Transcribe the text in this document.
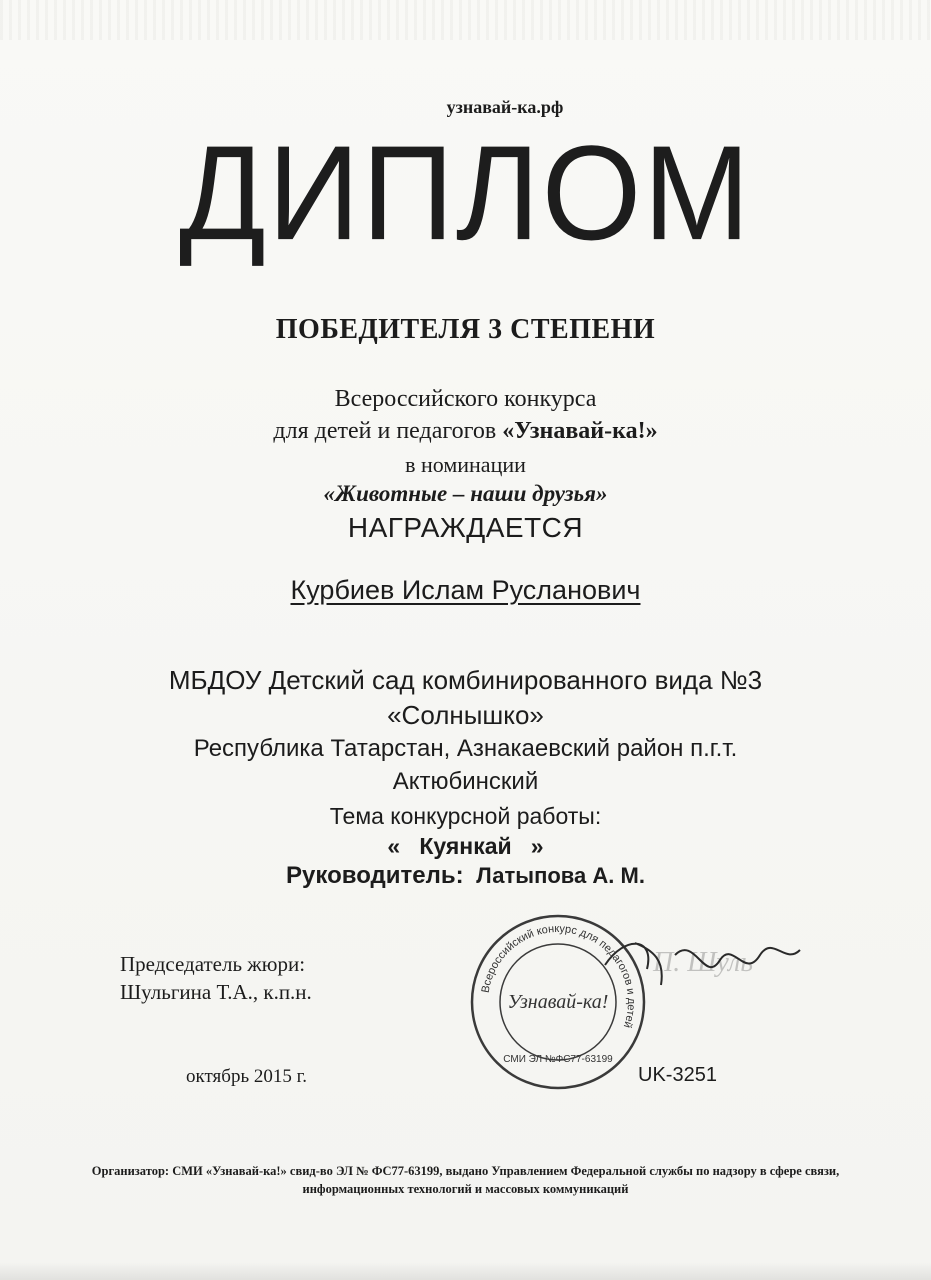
узнавай-ка.рф
ДИПЛОМ
ПОБЕДИТЕЛЯ 3 СТЕПЕНИ
Всероссийского конкурса
для детей и педагогов «Узнавай-ка!»
в номинации
«Животные – наши друзья»
НАГРАЖДАЕТСЯ
Курбиев Ислам Русланович
МБДОУ Детский сад комбинированного вида №3
«Солнышко»
Республика Татарстан, Азнакаевский район п.г.т.
Актюбинский
Тема конкурсной работы:
«   Куянкай   »
Руководитель: Латыпова А. М.
Председатель жюри:
Шульгина Т.А., к.п.н.	Всероссийский конкурс для педагогов и детей
Узнавай-ка!
СМИ ЭЛ №ФС77-63199
П. Шуль
октябрь 2015 г.	UK-3251
Организатор: СМИ «Узнавай-ка!» свид-во ЭЛ № ФС77-63199, выдано Управлением Федеральной службы по надзору в сфере связи,
информационных технологий и массовых коммуникаций
